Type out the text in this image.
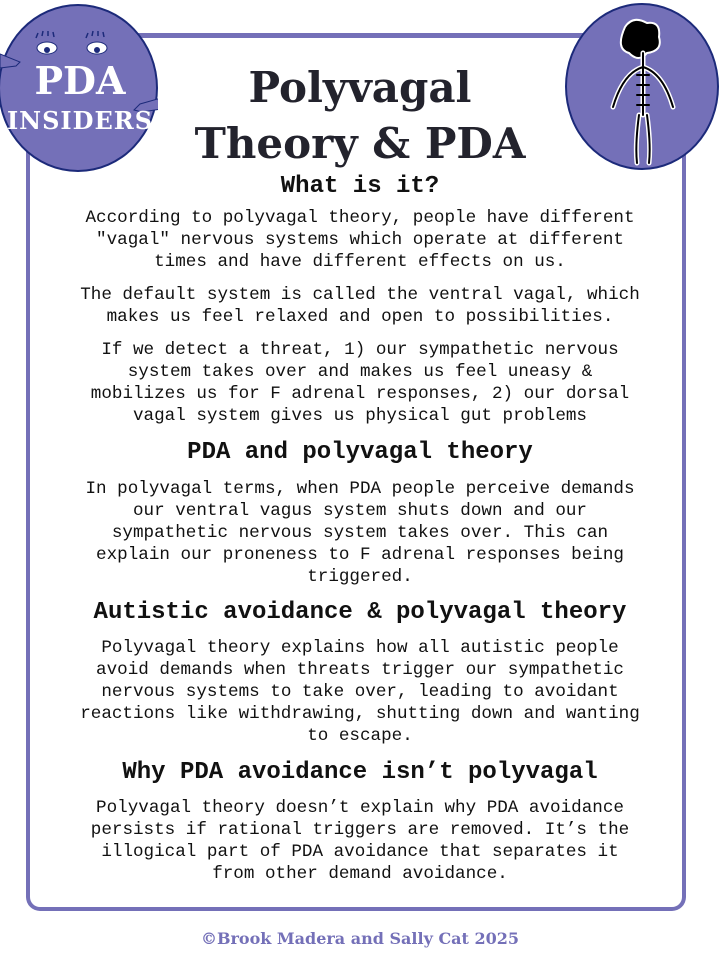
PDA
INSIDERS
Polyvagal
Theory & PDA
What is it?
According to polyvagal theory, people have different
"vagal" nervous systems which operate at different
times and have different effects on us.
The default system is called the ventral vagal, which
makes us feel relaxed and open to possibilities.
If we detect a threat, 1) our sympathetic nervous
system takes over and makes us feel uneasy &
mobilizes us for F adrenal responses, 2) our dorsal
vagal system gives us physical gut problems
PDA and polyvagal theory
In polyvagal terms, when PDA people perceive demands
our ventral vagus system shuts down and our
sympathetic nervous system takes over. This can
explain our proneness to F adrenal responses being
triggered.
Autistic avoidance & polyvagal theory
Polyvagal theory explains how all autistic people
avoid demands when threats trigger our sympathetic
nervous systems to take over, leading to avoidant
reactions like withdrawing, shutting down and wanting
to escape.
Why PDA avoidance isn’t polyvagal
Polyvagal theory doesn’t explain why PDA avoidance
persists if rational triggers are removed. It’s the
illogical part of PDA avoidance that separates it
from other demand avoidance.
©Brook Madera and Sally Cat 2025
